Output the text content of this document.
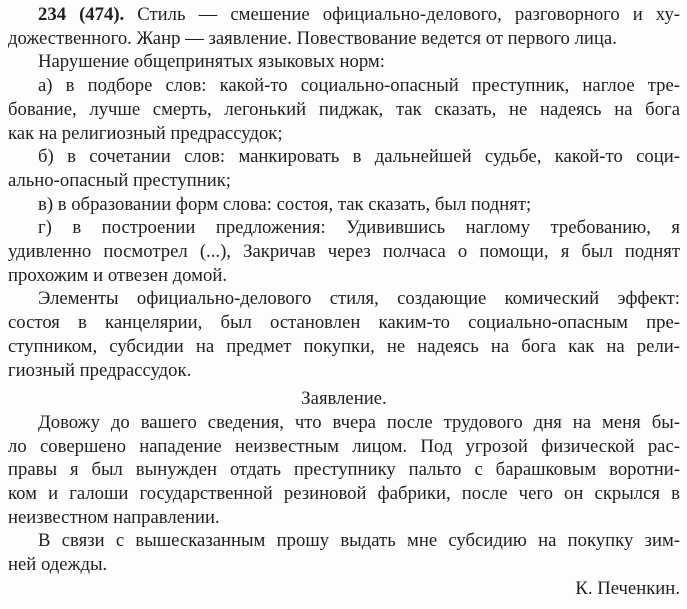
234 (474). Стиль — смешение официально-делового, разговорного и ху-
дожественного. Жанр — заявление. Повествование ведется от первого лица.
Нарушение общепринятых языковых норм:
а) в подборе слов: какой-то социально-опасный преступник, наглое тре-
бование, лучше смерть, легонький пиджак, так сказать, не надеясь на бога
как на религиозный предрассудок;
б) в сочетании слов: манкировать в дальнейшей судьбе, какой-то соци-
ально-опасный преступник;
в) в образовании форм слова: состоя, так сказать, был поднят;
г) в построении предложения: Удивившись наглому требованию, я
удивленно посмотрел (...), Закричав через полчаса о помощи, я был поднят
прохожим и отвезен домой.
Элементы официально-делового стиля, создающие комический эффект:
состоя в канцелярии, был остановлен каким-то социально-опасным пре-
ступником, субсидии на предмет покупки, не надеясь на бога как на рели-
гиозный предрассудок.
Заявление.
Довожу до вашего сведения, что вчера после трудового дня на меня бы-
ло совершено нападение неизвестным лицом. Под угрозой физической рас-
правы я был вынужден отдать преступнику пальто с барашковым воротни-
ком и галоши государственной резиновой фабрики, после чего он скрылся в
неизвестном направлении.
В связи с вышесказанным прошу выдать мне субсидию на покупку зим-
ней одежды.
К. Печенкин.
